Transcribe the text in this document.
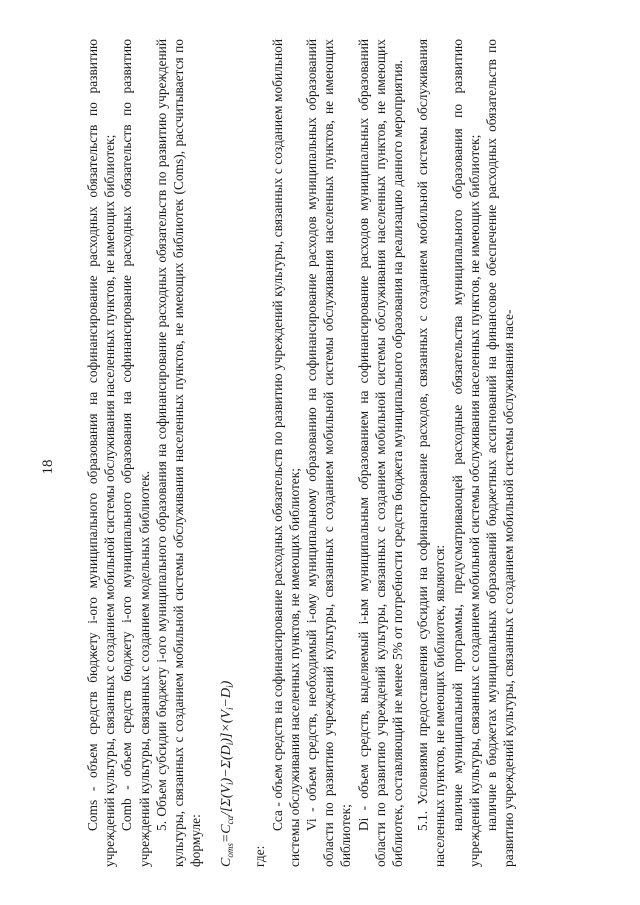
18 Coms - объем средств бюджету i-ого муниципального образования на софинансирование расходных обязательств по развитию учреждений культуры, связанных с созданием мобильной системы обслуживания населенных пунктов, не имеющих библиотек; Comb - объем средств бюджету i-ого муниципального образования на софинансирование расходных обязательств по развитию учреждений культуры, связанных с созданием модельных библиотек. 5. Объем субсидии бюджету i-ого муниципального образования на софинансирование расходных обязательств по развитию учреждений культуры, связанных с созданием мобильной системы обслуживания населенных пунктов, не имеющих библиотек (Coms), рассчитывается по формуле: $C_{oms}=C_{ca}/[\Sigma(V_i)-\Sigma(D_i)]\times(V_i-D_i)$

где:

Cca - объем средств на софинансирование расходных обязательств по развитию учреждений культуры, связанных с созданием мобильной системы обслуживания населенных пунктов, не имеющих библиотек; Vi - объем средств, необходимый i-ому муниципальному образованию на софинансирование расходов муниципальных образований области по развитию учреждений культуры, связанных с созданием мобильной системы обслуживания населенных пунктов, не имеющих библиотек;

Di - объем средств, выделяемый i-ым муниципальным образованием на софинансирование расходов муниципальных образований области по развитию учреждений культуры, связанных с созданием мобильной системы обслуживания населенных пунктов, не имеющих библиотек, составляющий не менее 5% от потребности средств бюджета муниципального образования на реализацию данного мероприятия. 5.1. Условиями предоставления субсидии на софинансирование расходов, связанных с созданием мобильной системы обслуживания населенных пунктов, не имеющих библиотек, являются: наличие муниципальной программы, предусматривающей расходные обязательства муниципального образования по развитию учреждений культуры, связанных с созданием мобильной системы обслуживания населенных пунктов, не имеющих библиотек; наличие в бюджетах муниципальных образований бюджетных ассигнований на финансовое обеспечение расходных обязательств по развитию учреждений культуры, связанных с созданием мобильной системы обслуживания насе-
